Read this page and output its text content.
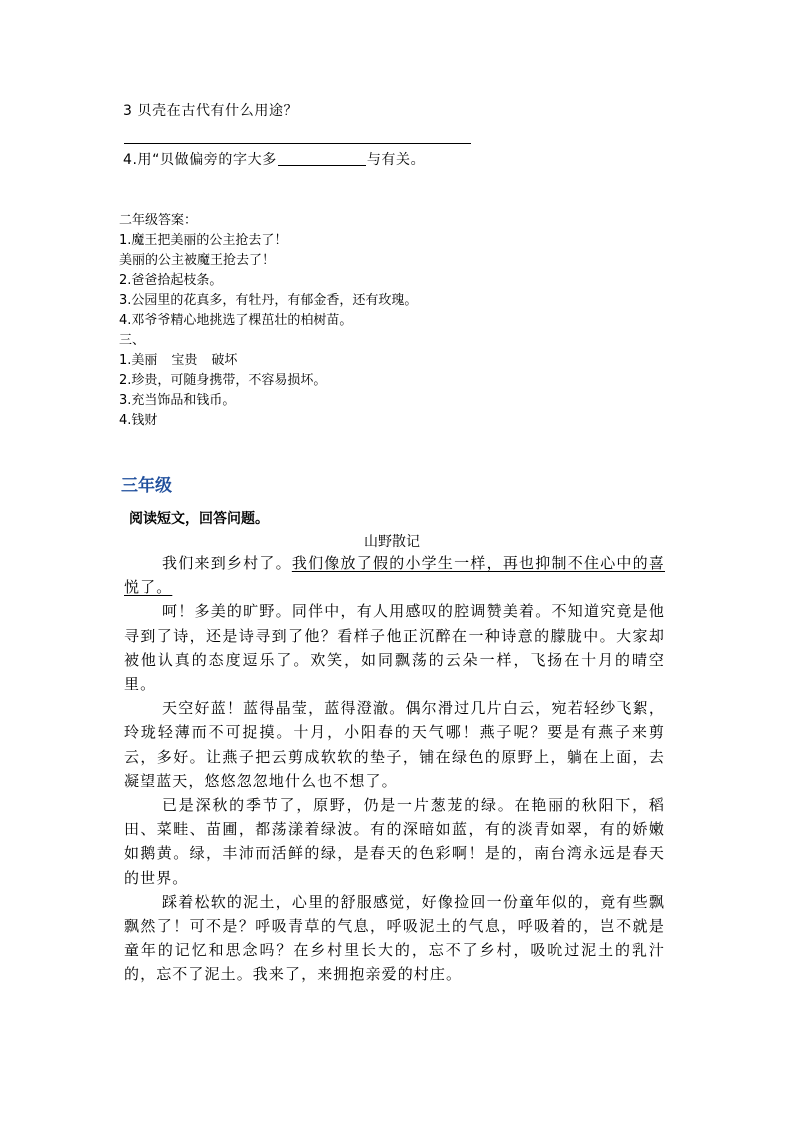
3 贝壳在古代有什么用途？
4.用“贝做偏旁的字大多	与有关。
二年级答案：
1.魔王把美丽的公主抢去了！
美丽的公主被魔王抢去了！
2.爸爸拾起枝条。
3.公园里的花真多，有牡丹，有郁金香，还有玫瑰。
4.邓爷爷精心地挑选了棵茁壮的柏树苗。
三、
1.美丽 宝贵 破坏
2.珍贵，可随身携带，不容易损坏。
3.充当饰品和钱币。
4.钱财
三年级
阅读短文，回答问题。
山野散记

我们来到乡村了。我们像放了假的小学生一样，再也抑制不住心中的喜悦了。

呵！多美的旷野。同伴中，有人用感叹的腔调赞美着。不知道究竟是他寻到了诗，还是诗寻到了他？看样子他正沉醉在一种诗意的朦胧中。大家却被他认真的态度逗乐了。欢笑，如同飘荡的云朵一样，飞扬在十月的晴空里。

天空好蓝！蓝得晶莹，蓝得澄澈。偶尔滑过几片白云，宛若轻纱飞絮，玲珑轻薄而不可捉摸。十月，小阳春的天气哪！燕子呢？要是有燕子来剪云，多好。让燕子把云剪成软软的垫子，铺在绿色的原野上，躺在上面，去凝望蓝天，悠悠忽忽地什么也不想了。

已是深秋的季节了，原野，仍是一片葱茏的绿。在艳丽的秋阳下，稻田、菜畦、苗圃，都荡漾着绿波。有的深暗如蓝，有的淡青如翠，有的娇嫩如鹅黄。绿，丰沛而活鲜的绿，是春天的色彩啊！是的，南台湾永远是春天的世界。

踩着松软的泥土，心里的舒服感觉，好像捡回一份童年似的，竟有些飘飘然了！可不是？呼吸青草的气息，呼吸泥土的气息，呼吸着的，岂不就是童年的记忆和思念吗？在乡村里长大的，忘不了乡村，吸吮过泥土的乳汁的，忘不了泥土。我来了，来拥抱亲爱的村庄。
